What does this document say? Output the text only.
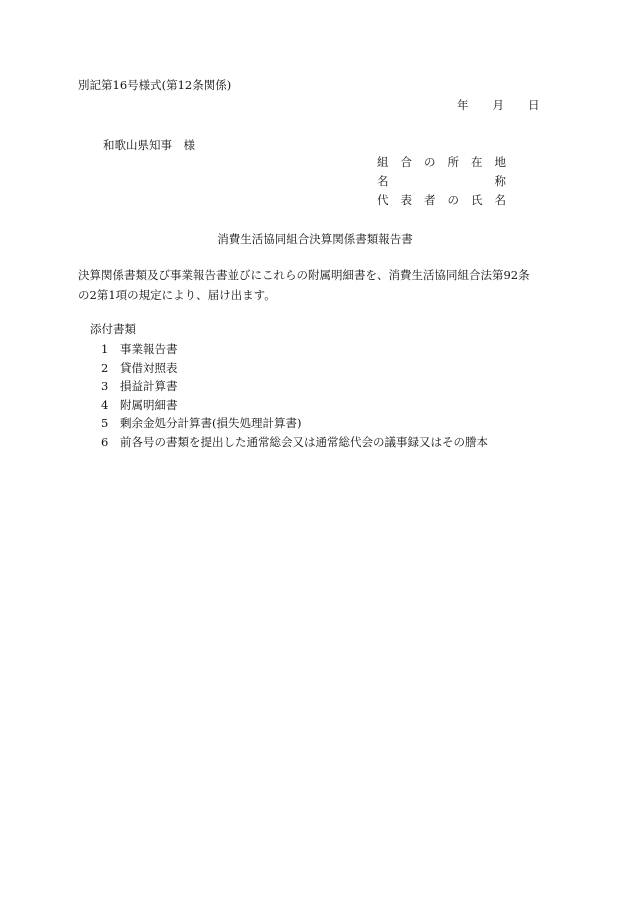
別記第16号様式(第12条関係)
年 月 日
和歌山県知事　様
組 合 の 所 在 地
名	称
代 表 者 の 氏 名
消費生活協同組合決算関係書類報告書
決算関係書類及び事業報告書並びにこれらの附属明細書を、消費生活協同組合法第92条
の2第1項の規定により、届け出ます。
添付書類
1 事業報告書
2 貸借対照表
3 損益計算書
4 附属明細書
5 剰余金処分計算書(損失処理計算書)
6 前各号の書類を提出した通常総会又は通常総代会の議事録又はその謄本
